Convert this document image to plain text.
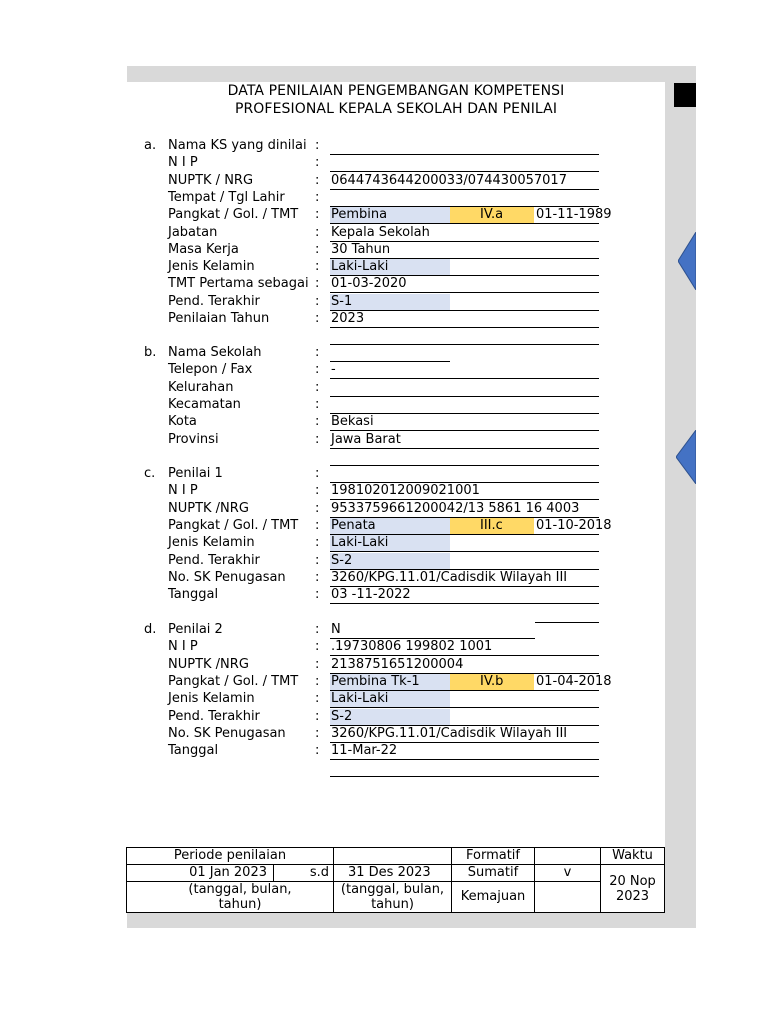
DATA PENILAIAN PENGEMBANGAN KOMPETENSI
PROFESIONAL KEPALA SEKOLAH DAN PENILAI
a. Nama KS yang dinilai :
N I P	:
NUPTK / NRG	: 0644743644200033/074430057017
Tempat / Tgl Lahir :
Pangkat / Gol. / TMT : Pembina	IV.a	01-11-1989
Jabatan	: Kepala Sekolah
Masa Kerja	: 30 Tahun
Jenis Kelamin	: Laki-Laki
TMT Pertama sebagai : 01-03-2020
Pend. Terakhir	: S-1
Penilaian Tahun	: 2023
b. Nama Sekolah	:
Telepon / Fax	: -
Kelurahan	:
Kecamatan	:
Kota	: Bekasi
Provinsi	: Jawa Barat
c. Penilai 1	:
N I P	: 198102012009021001
NUPTK /NRG	: 9533759661200042/13 5861 16 4003
Pangkat / Gol. / TMT : Penata	III.c	01-10-2018
Jenis Kelamin	: Laki-Laki
Pend. Terakhir	: S-2
No. SK Penugasan : 3260/KPG.11.01/Cadisdik Wilayah III
Tanggal	: 03 -11-2022
d. Penilai 2	: N
N I P	: .19730806 199802 1001
NUPTK /NRG	: 2138751651200004
Pangkat / Gol. / TMT : Pembina Tk-1	IV.b	01-04-2018
Jenis Kelamin	: Laki-Laki
Pend. Terakhir	: S-2
No. SK Penugasan : 3260/KPG.11.01/Cadisdik Wilayah III
Tanggal	: 11-Mar-22
Periode penilaian			Formatif		Waktu
01 Jan 2023	s.d	31 Des 2023	Sumatif	v	20 Nop 2023
(tanggal, bulan, tahun)		(tanggal, bulan, tahun)	Kemajuan		
